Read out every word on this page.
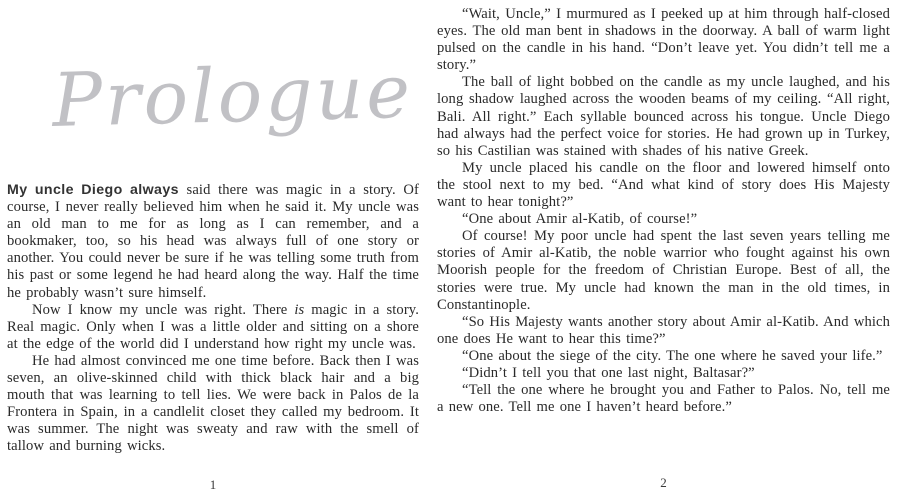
Prologue

My uncle Diego always said there was magic in a story. Of course, I never really believed him when he said it. My uncle was an old man to me for as long as I can remember, and a bookmaker, too, so his head was always full of one story or another. You could never be sure if he was telling some truth from his past or some legend he had heard along the way. Half the time he probably wasn’t sure himself.

Now I know my uncle was right. There is magic in a story. Real magic. Only when I was a little older and sitting on a shore at the edge of the world did I understand how right my uncle was.

He had almost convinced me one time before. Back then I was seven, an olive-skinned child with thick black hair and a big mouth that was learning to tell lies. We were back in Palos de la Frontera in Spain, in a candlelit closet they called my bedroom. It was summer. The night was sweaty and raw with the smell of tallow and burning wicks.

1

“Wait, Uncle,” I murmured as I peeked up at him through half-closed eyes. The old man bent in shadows in the doorway. A ball of warm light pulsed on the candle in his hand. “Don’t leave yet. You didn’t tell me a story.”

The ball of light bobbed on the candle as my uncle laughed, and his long shadow laughed across the wooden beams of my ceiling. “All right, Bali. All right.” Each syllable bounced across his tongue. Uncle Diego had always had the perfect voice for stories. He had grown up in Turkey, so his Castilian was stained with shades of his native Greek.

My uncle placed his candle on the floor and lowered himself onto the stool next to my bed. “And what kind of story does His Majesty want to hear tonight?”

“One about Amir al-Katib, of course!”

Of course! My poor uncle had spent the last seven years telling me stories of Amir al-Katib, the noble warrior who fought against his own Moorish people for the freedom of Christian Europe. Best of all, the stories were true. My uncle had known the man in the old times, in Constantinople.

“So His Majesty wants another story about Amir al-Katib. And which one does He want to hear this time?”

“One about the siege of the city. The one where he saved your life.”

“Didn’t I tell you that one last night, Baltasar?”

“Tell the one where he brought you and Father to Palos. No, tell me a new one. Tell me one I haven’t heard before.”

2
